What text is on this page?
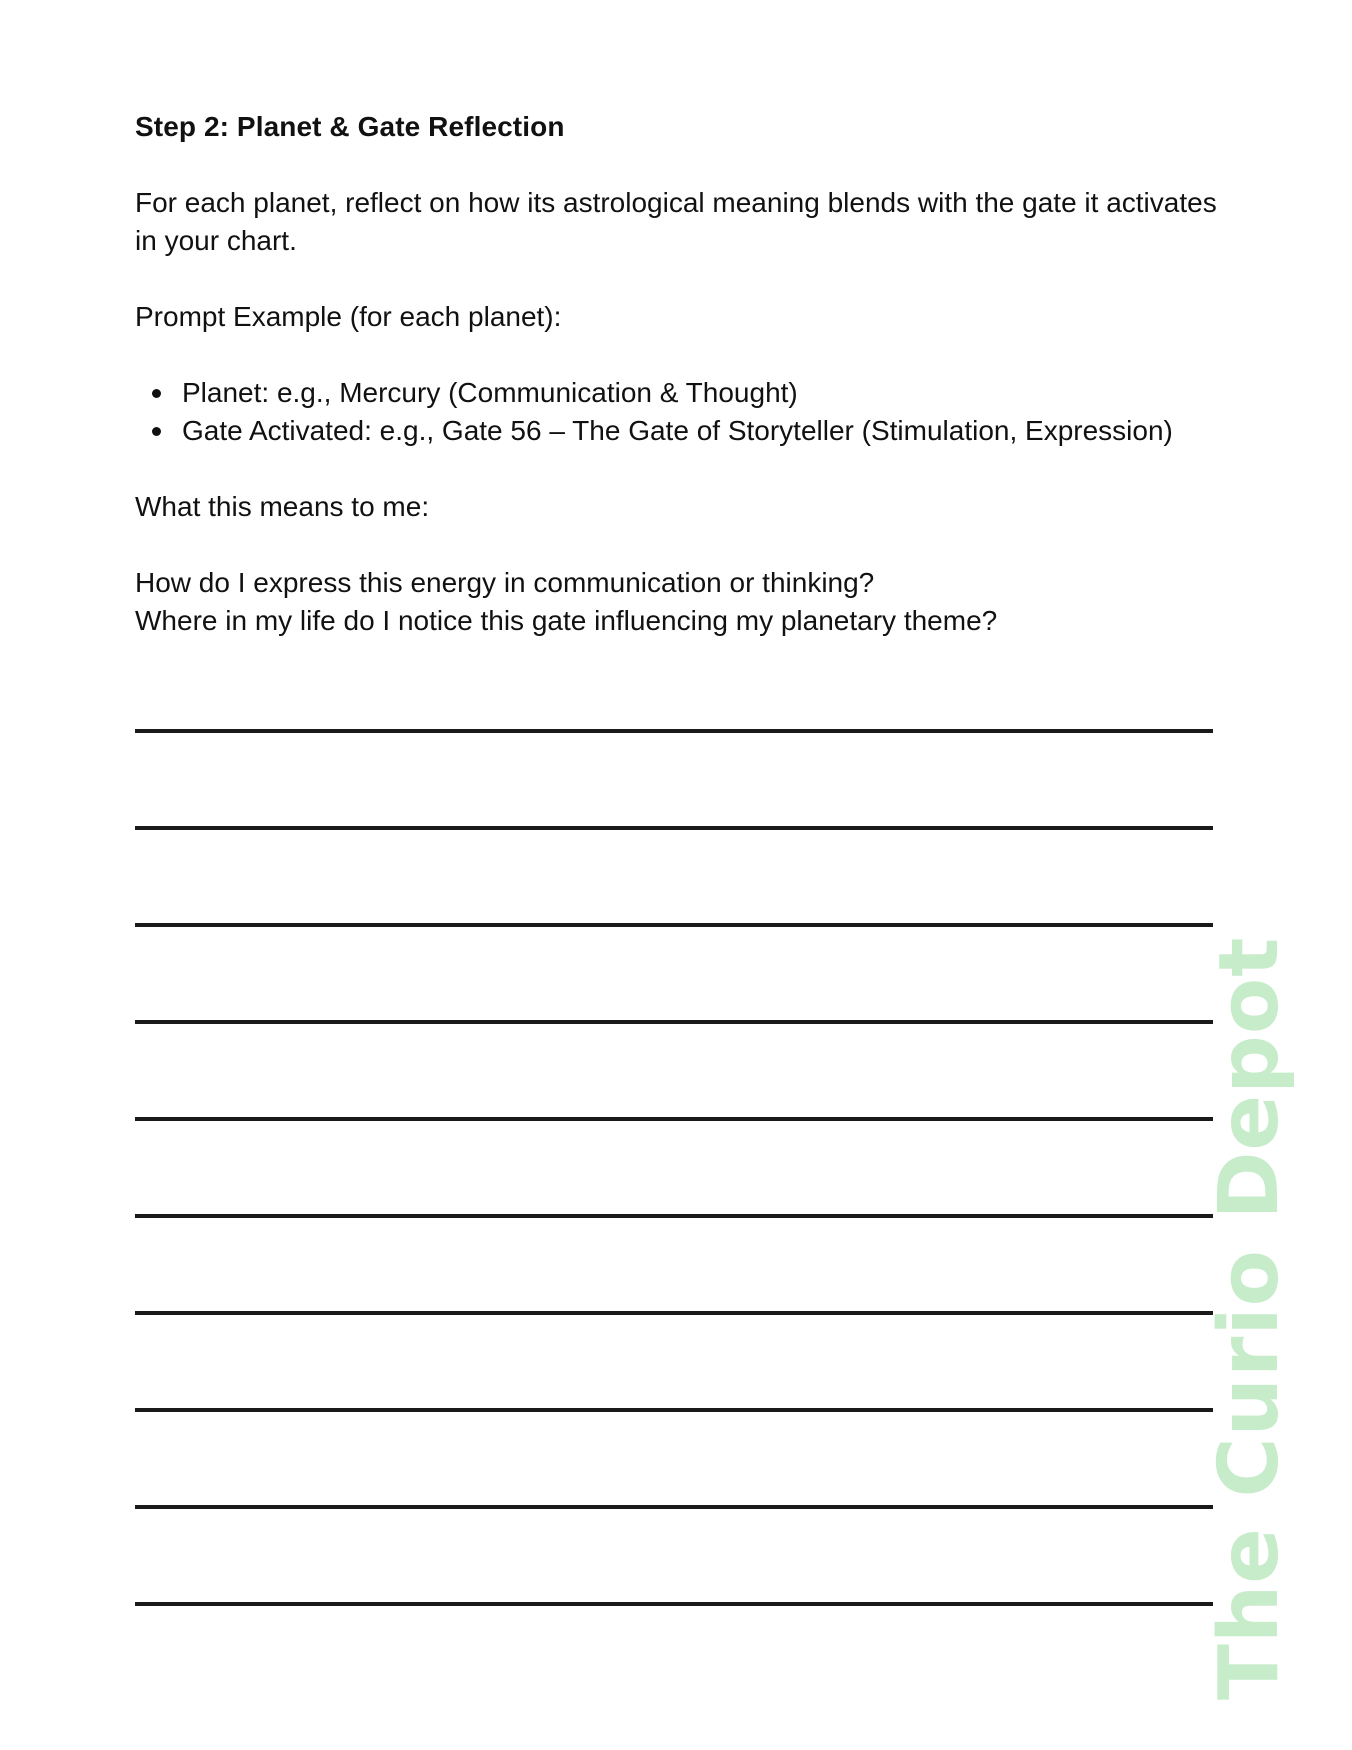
Step 2: Planet & Gate Reflection

For each planet, reflect on how its astrological meaning blends with the gate it activates in your chart.

Prompt Example (for each planet):

Planet: e.g., Mercury (Communication & Thought)
Gate Activated: e.g., Gate 56 – The Gate of Storyteller (Stimulation, Expression)

What this means to me:

How do I express this energy in communication or thinking?

Where in my life do I notice this gate influencing my planetary theme?

The Curio Depot
